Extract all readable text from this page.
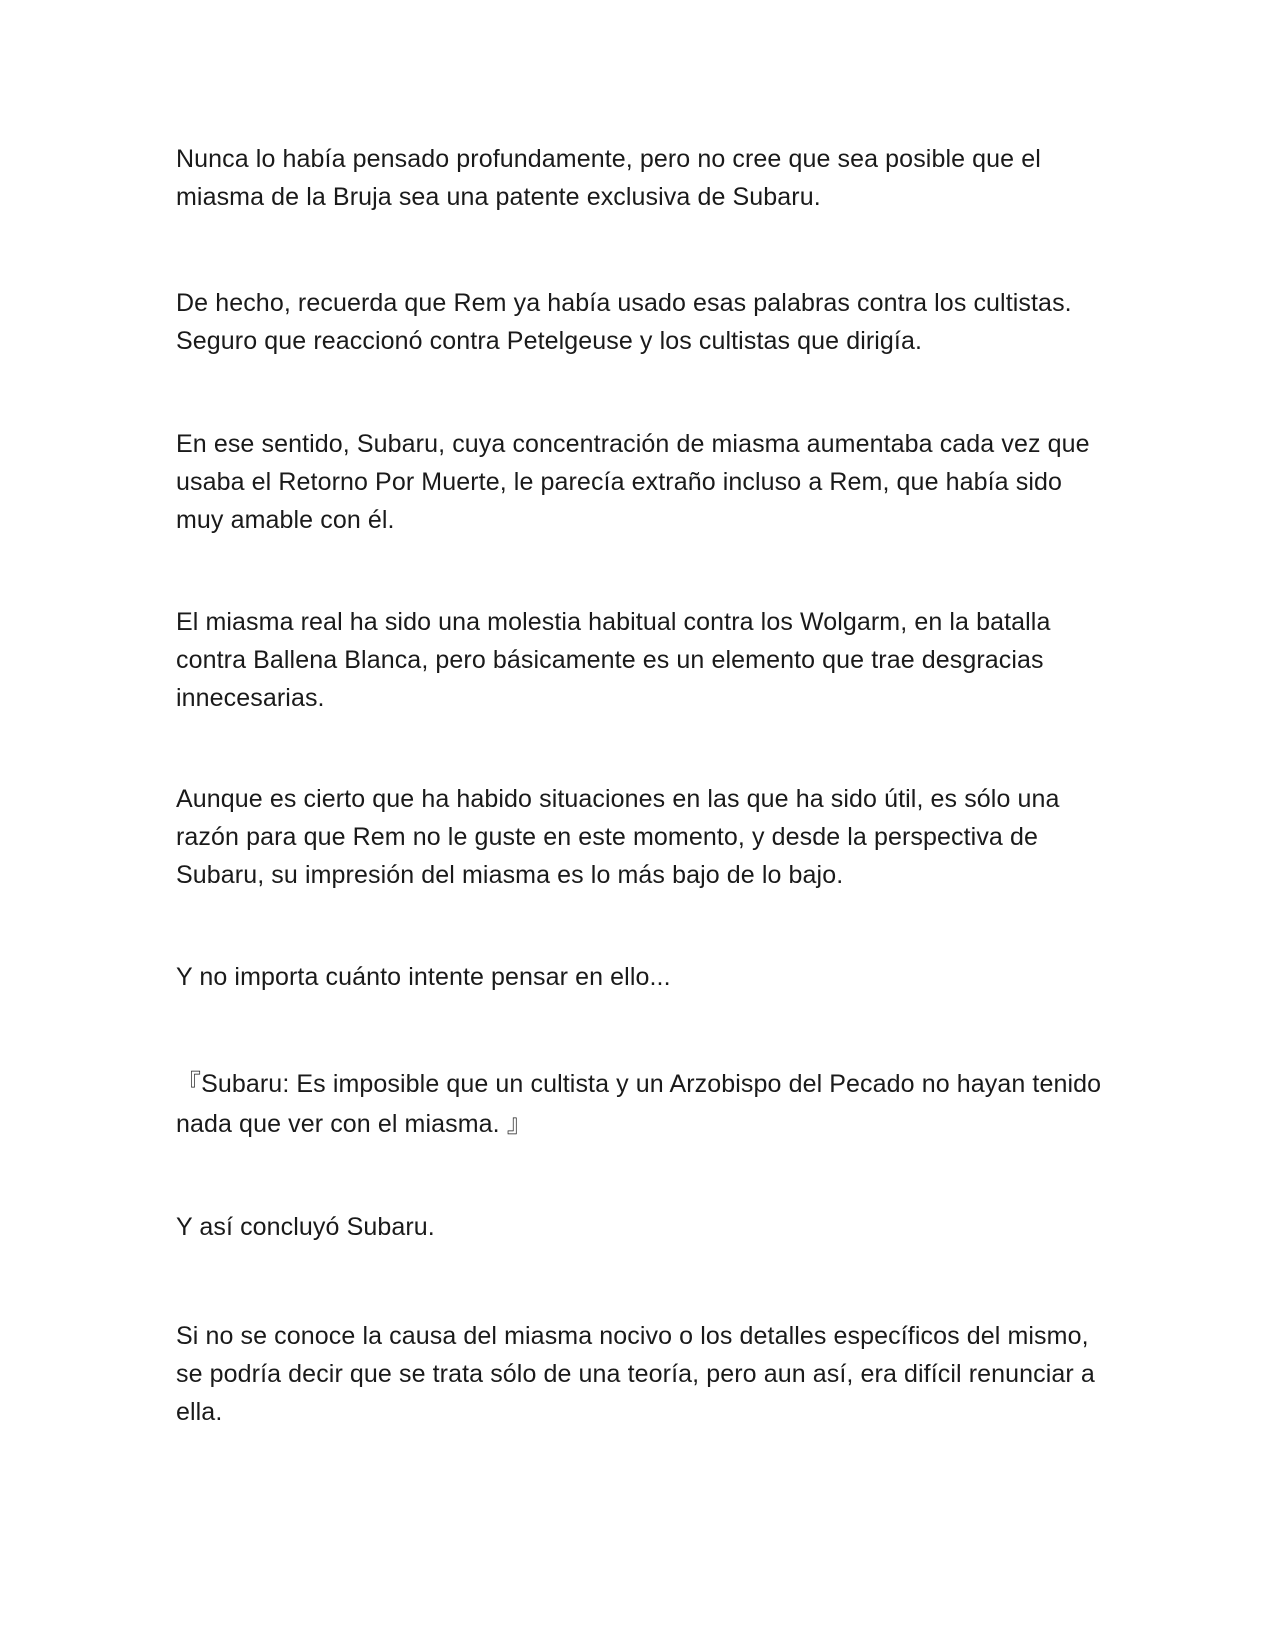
Nunca lo había pensado profundamente, pero no cree que sea posible que el miasma de la Bruja sea una patente exclusiva de Subaru.

De hecho, recuerda que Rem ya había usado esas palabras contra los cultistas. Seguro que reaccionó contra Petelgeuse y los cultistas que dirigía.

En ese sentido, Subaru, cuya concentración de miasma aumentaba cada vez que usaba el Retorno Por Muerte, le parecía extraño incluso a Rem, que había sido muy amable con él.

El miasma real ha sido una molestia habitual contra los Wolgarm, en la batalla contra Ballena Blanca, pero básicamente es un elemento que trae desgracias innecesarias.

Aunque es cierto que ha habido situaciones en las que ha sido útil, es sólo una razón para que Rem no le guste en este momento, y desde la perspectiva de Subaru, su impresión del miasma es lo más bajo de lo bajo.

Y no importa cuánto intente pensar en ello...

『Subaru: Es imposible que un cultista y un Arzobispo del Pecado no hayan tenido nada que ver con el miasma. 』

Y así concluyó Subaru.

Si no se conoce la causa del miasma nocivo o los detalles específicos del mismo, se podría decir que se trata sólo de una teoría, pero aun así, era difícil renunciar a ella.
